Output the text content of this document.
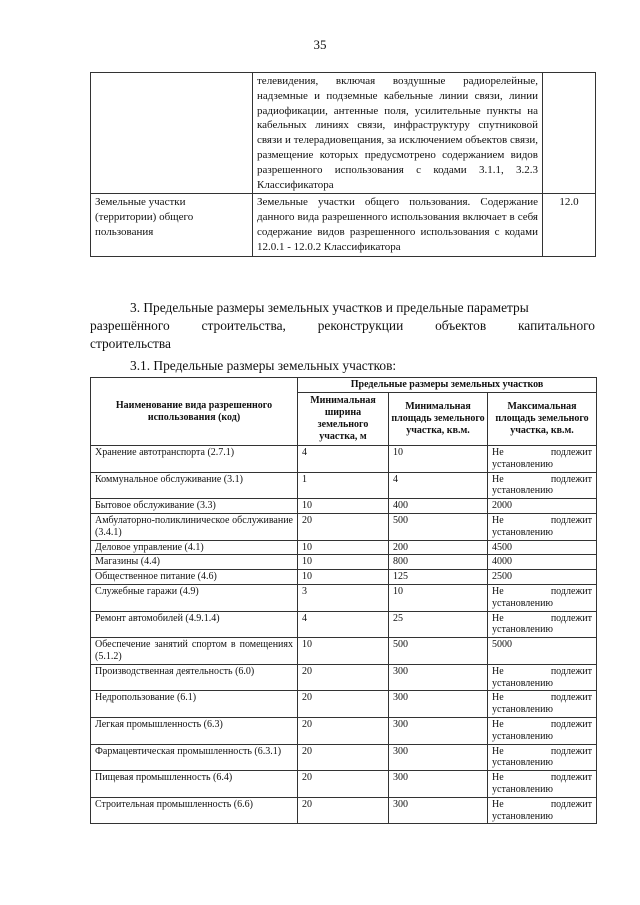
35
	телевидения, включая воздушные радиорелейные, надземные и подземные кабельные линии связи, линии радиофикации, антенные поля, усилительные пункты на кабельных линиях связи, инфраструктуру спутниковой связи и телерадиовещания, за исключением объектов связи, размещение которых предусмотрено содержанием видов разрешенного использования с кодами 3.1.1, 3.2.3 Классификатора	
Земельные участки (территории) общего пользования	Земельные участки общего пользования. Содержание данного вида разрешенного использования включает в себя содержание видов разрешенного использования с кодами 12.0.1 - 12.0.2 Классификатора	12.0
3. Предельные размеры земельных участков и предельные параметры
разрешённого строительства, реконструкции объектов капитального
строительства
3.1. Предельные размеры земельных участков:
Наименование вида разрешенного использования (код)	Предельные размеры земельных участков		
	Минимальная ширина земельного участка, м	Минимальная площадь земельного участка, кв.м.	Максимальная площадь земельного участка, кв.м.
Хранение автотранспорта (2.7.1)	4	10	Не подлежит установлению
Коммунальное обслуживание (3.1)	1	4	Не подлежит установлению
Бытовое обслуживание (3.3)	10	400	2000
Амбулаторно-поликлиническое обслуживание (3.4.1)	20	500	Не подлежит установлению
Деловое управление (4.1)	10	200	4500
Магазины (4.4)	10	800	4000
Общественное питание (4.6)	10	125	2500
Служебные гаражи (4.9)	3	10	Не подлежит установлению
Ремонт автомобилей (4.9.1.4)	4	25	Не подлежит установлению
Обеспечение занятий спортом в помещениях (5.1.2)	10	500	5000
Производственная деятельность (6.0)	20	300	Не подлежит установлению
Недропользование (6.1)	20	300	Не подлежит установлению
Легкая промышленность (6.3)	20	300	Не подлежит установлению
Фармацевтическая промышленность (6.3.1)	20	300	Не подлежит установлению
Пищевая промышленность (6.4)	20	300	Не подлежит установлению
Строительная промышленность (6.6)	20	300	Не подлежит установлению
